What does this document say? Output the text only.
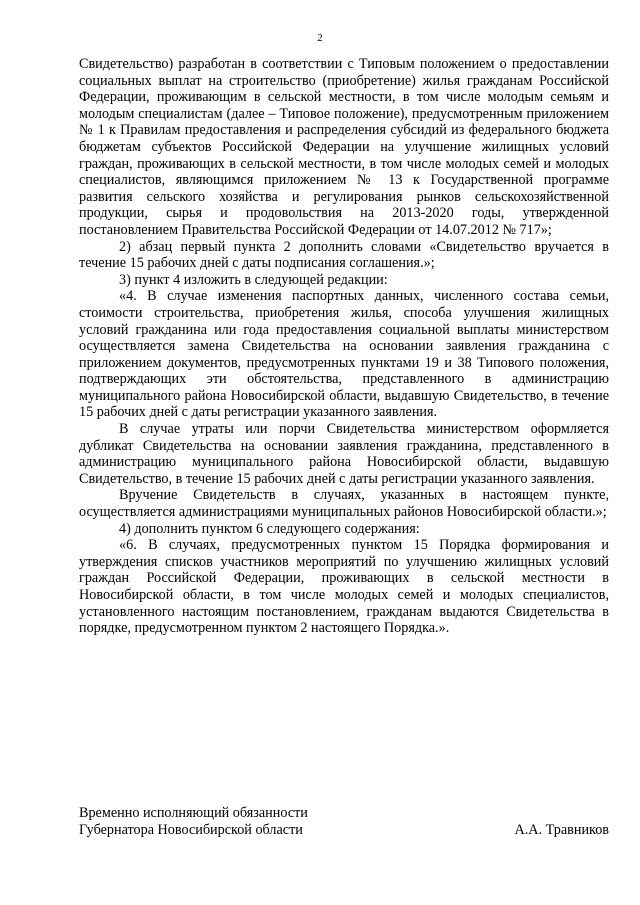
2

Свидетельство) разработан в соответствии с Типовым положением о предоставлении социальных выплат на строительство (приобретение) жилья гражданам Российской Федерации, проживающим в сельской местности, в том числе молодым семьям и молодым специалистам (далее – Типовое положение), предусмотренным приложением № 1 к Правилам предоставления и распределения субсидий из федерального бюджета бюджетам субъектов Российской Федерации на улучшение жилищных условий граждан, проживающих в сельской местности, в том числе молодых семей и молодых специалистов, являющимся приложением № 13 к Государственной программе развития сельского хозяйства и регулирования рынков сельскохозяйственной продукции, сырья и продовольствия на 2013-2020 годы, утвержденной постановлением Правительства Российской Федерации от 14.07.2012 № 717»;

2) абзац первый пункта 2 дополнить словами «Свидетельство вручается в течение 15 рабочих дней с даты подписания соглашения.»;

3) пункт 4 изложить в следующей редакции:

«4. В случае изменения паспортных данных, численного состава семьи, стоимости строительства, приобретения жилья, способа улучшения жилищных условий гражданина или года предоставления социальной выплаты министерством осуществляется замена Свидетельства на основании заявления гражданина с приложением документов, предусмотренных пунктами 19 и 38 Типового положения, подтверждающих эти обстоятельства, представленного в администрацию муниципального района Новосибирской области, выдавшую Свидетельство, в течение 15 рабочих дней с даты регистрации указанного заявления.

В случае утраты или порчи Свидетельства министерством оформляется дубликат Свидетельства на основании заявления гражданина, представленного в администрацию муниципального района Новосибирской области, выдавшую Свидетельство, в течение 15 рабочих дней с даты регистрации указанного заявления.

Вручение Свидетельств в случаях, указанных в настоящем пункте, осуществляется администрациями муниципальных районов Новосибирской области.»;

4) дополнить пунктом 6 следующего содержания:

«6. В случаях, предусмотренных пунктом 15 Порядка формирования и утверждения списков участников мероприятий по улучшению жилищных условий граждан Российской Федерации, проживающих в сельской местности в Новосибирской области, в том числе молодых семей и молодых специалистов, установленного настоящим постановлением, гражданам выдаются Свидетельства в порядке, предусмотренном пунктом 2 настоящего Порядка.».

Временно исполняющий обязанности
Губернатора Новосибирской области	А.А. Травников
